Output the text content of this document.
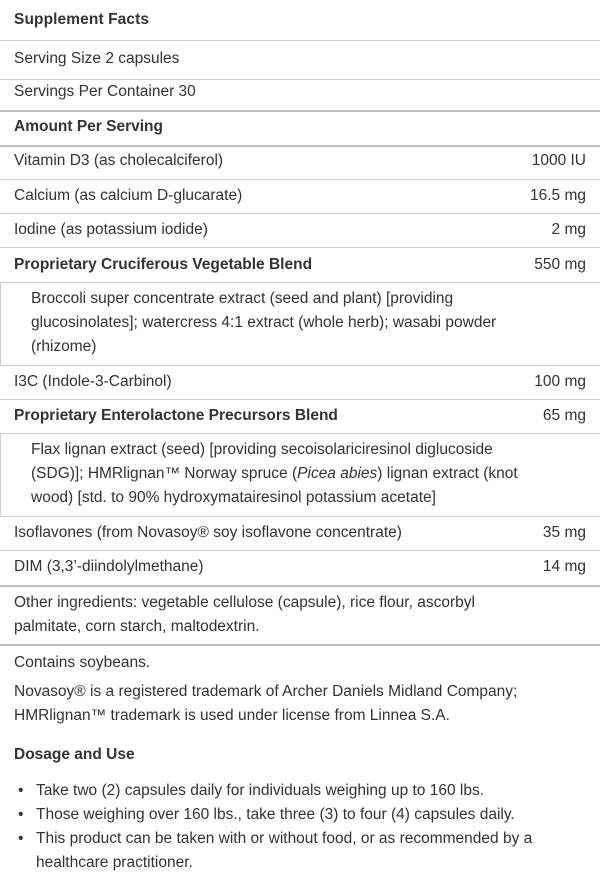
Supplement Facts
Serving Size 2 capsules
Servings Per Container 30
Amount Per Serving
Vitamin D3 (as cholecalciferol)	1000 IU
Calcium (as calcium D-glucarate)	16.5 mg
Iodine (as potassium iodide)	2 mg
Proprietary Cruciferous Vegetable Blend	550 mg
Broccoli super concentrate extract (seed and plant) [providing
glucosinolates]; watercress 4:1 extract (whole herb); wasabi powder
(rhizome)
I3C (Indole-3-Carbinol)	100 mg
Proprietary Enterolactone Precursors Blend	65 mg
Flax lignan extract (seed) [providing secoisolariciresinol diglucoside
(SDG)]; HMRlignan™ Norway spruce (Picea abies) lignan extract (knot
wood) [std. to 90% hydroxymatairesinol potassium acetate]
Isoflavones (from Novasoy® soy isoflavone concentrate)	35 mg
DIM (3,3’-diindolylmethane)	14 mg
Other ingredients: vegetable cellulose (capsule), rice flour, ascorbyl
palmitate, corn starch, maltodextrin.
Contains soybeans.
Novasoy® is a registered trademark of Archer Daniels Midland Company;
HMRlignan™ trademark is used under license from Linnea S.A.
Dosage and Use
• Take two (2) capsules daily for individuals weighing up to 160 lbs.
• Those weighing over 160 lbs., take three (3) to four (4) capsules daily.
• This product can be taken with or without food, or as recommended by a
healthcare practitioner.
